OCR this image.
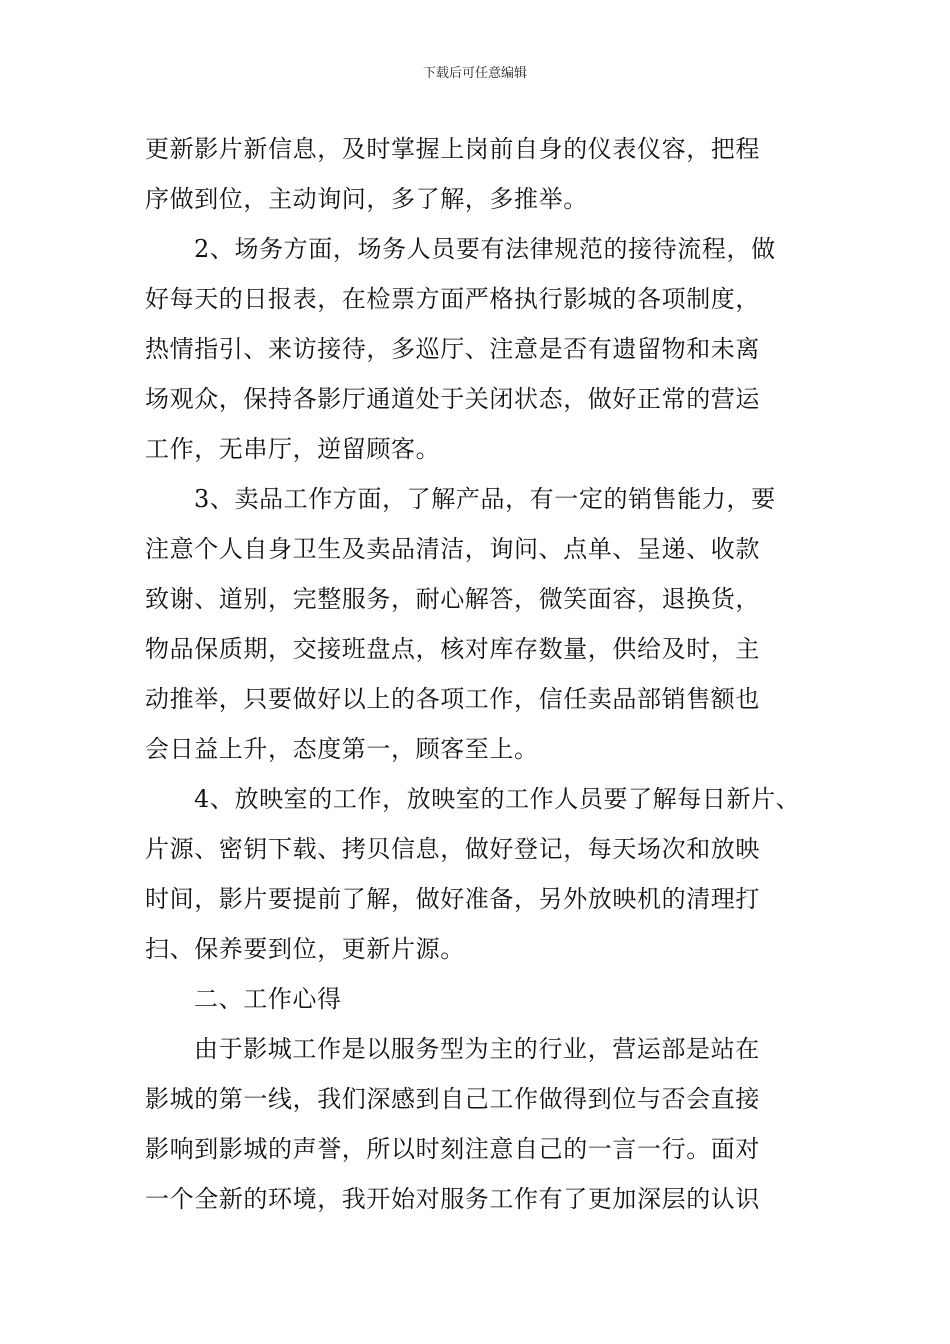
下载后可任意编辑
更新影片新信息，及时掌握上岗前自身的仪表仪容，把程
序做到位，主动询问，多了解，多推举。
2、场务方面，场务人员要有法律规范的接待流程，做
好每天的日报表，在检票方面严格执行影城的各项制度，
热情指引、来访接待，多巡厅、注意是否有遗留物和未离
场观众，保持各影厅通道处于关闭状态，做好正常的营运
工作，无串厅，逆留顾客。
3、卖品工作方面，了解产品，有一定的销售能力，要
注意个人自身卫生及卖品清洁，询问、点单、呈递、收款
致谢、道别，完整服务，耐心解答，微笑面容，退换货，
物品保质期，交接班盘点，核对库存数量，供给及时，主
动推举，只要做好以上的各项工作，信任卖品部销售额也
会日益上升，态度第一，顾客至上。
4、放映室的工作，放映室的工作人员要了解每日新片、
片源、密钥下载、拷贝信息，做好登记，每天场次和放映
时间，影片要提前了解，做好准备，另外放映机的清理打
扫、保养要到位，更新片源。
二、工作心得
由于影城工作是以服务型为主的行业，营运部是站在
影城的第一线，我们深感到自己工作做得到位与否会直接
影响到影城的声誉，所以时刻注意自己的一言一行。面对
一个全新的环境，我开始对服务工作有了更加深层的认识
